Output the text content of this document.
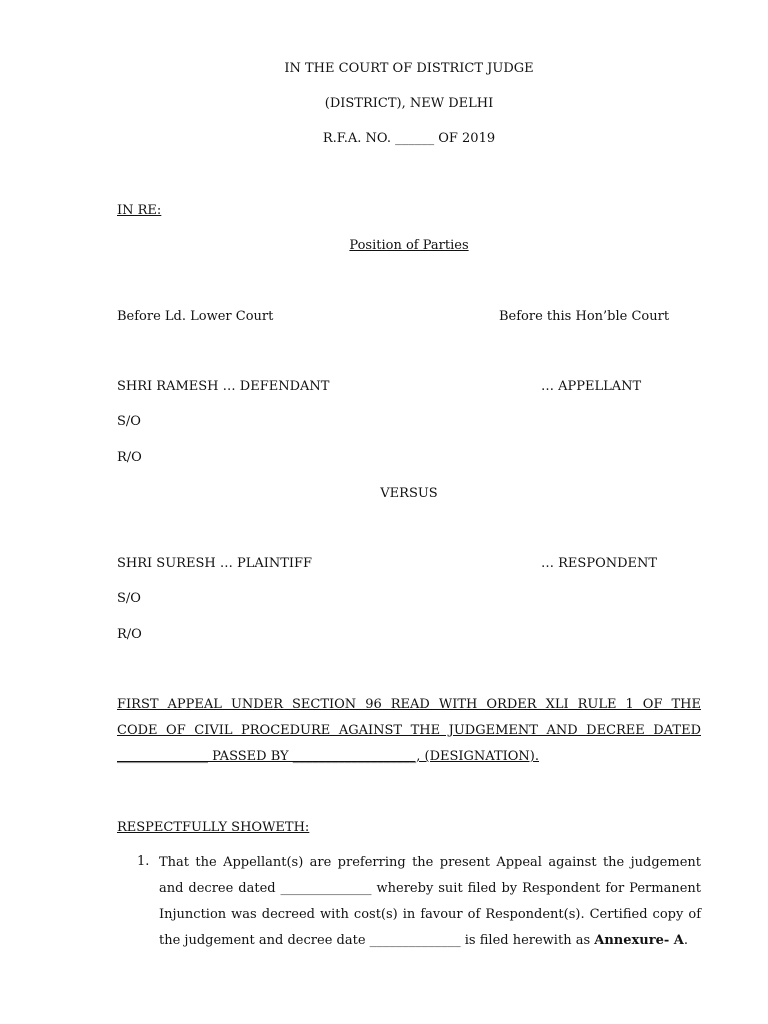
IN THE COURT OF DISTRICT JUDGE
(DISTRICT), NEW DELHI
R.F.A. NO. ______ OF 2019
IN RE:
Position of Parties
Before Ld. Lower Court	Before this Hon’ble Court
SHRI RAMESH … DEFENDANT	… APPELLANT
S/O
R/O
VERSUS
SHRI SURESH … PLAINTIFF	… RESPONDENT
S/O
R/O
FIRST APPEAL UNDER SECTION 96 READ WITH ORDER XLI RULE 1 OF THE
CODE OF CIVIL PROCEDURE AGAINST THE JUDGEMENT AND DECREE DATED
______________ PASSED BY ___________________, (DESIGNATION).
RESPECTFULLY SHOWETH:
1. That the Appellant(s) are preferring the present Appeal against the judgement and decree dated ______________ whereby suit filed by Respondent for Permanent Injunction was decreed with cost(s) in favour of Respondent(s). Certified copy of the judgement and decree date ______________ is filed herewith as Annexure- A.
